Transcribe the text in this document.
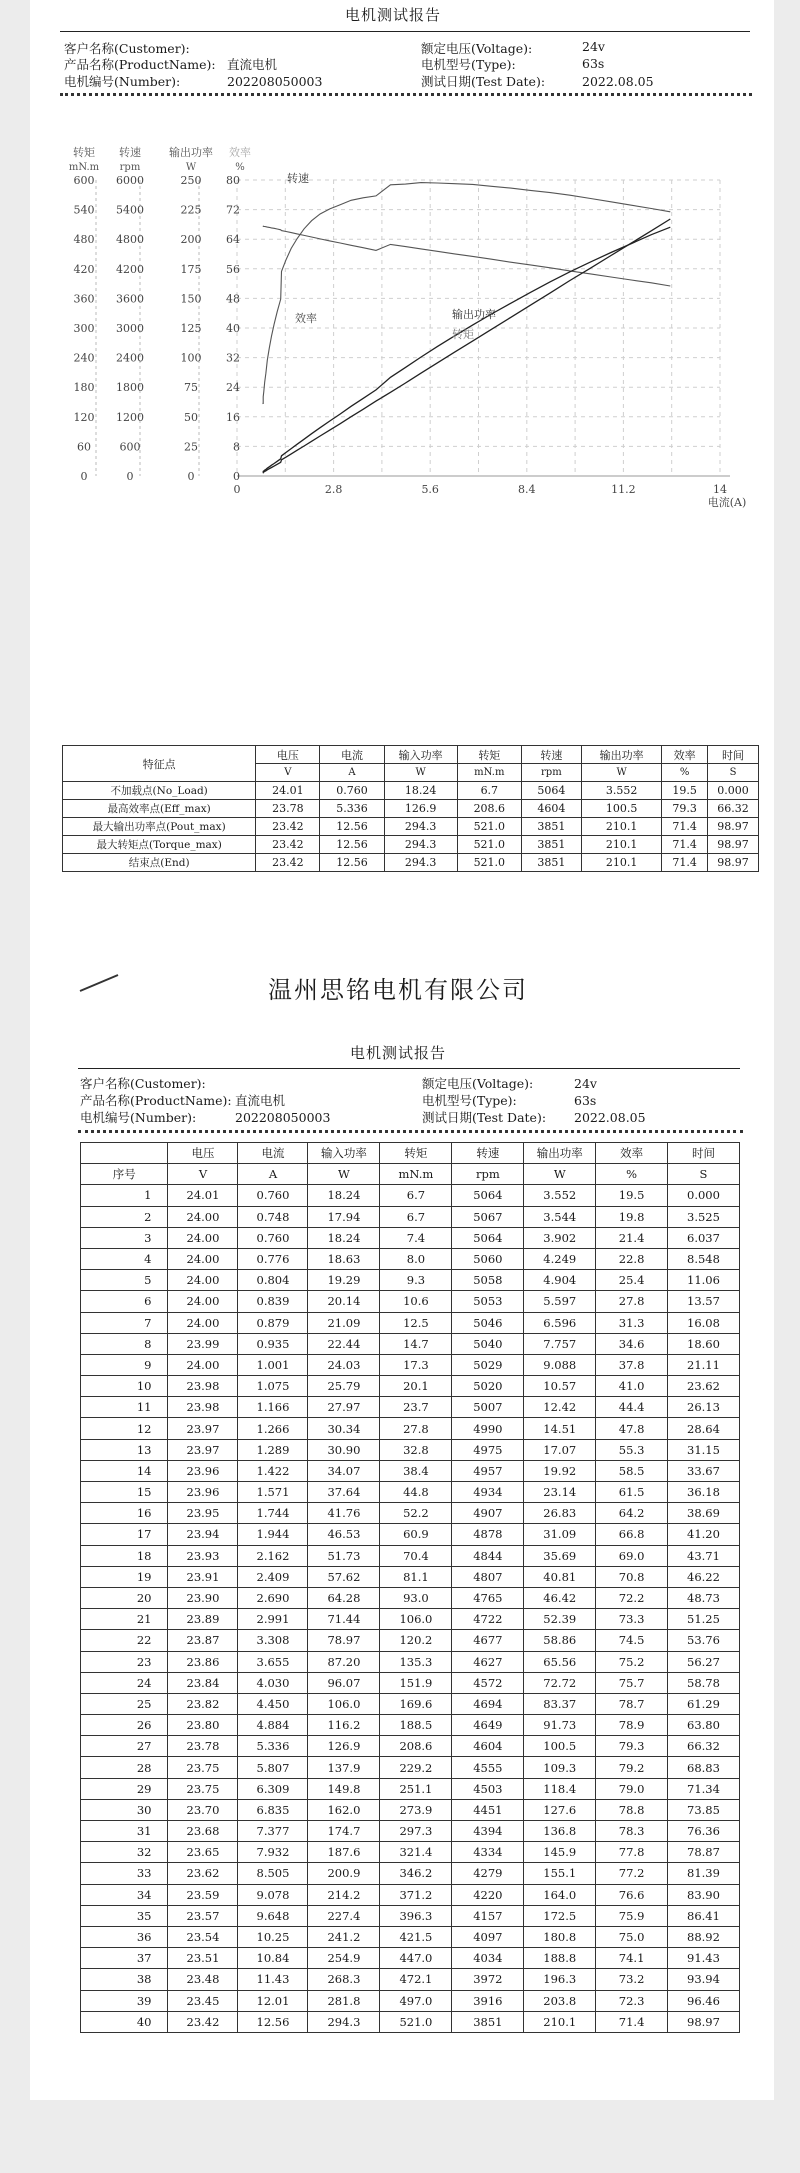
电机测试报告
客户名称(Customer):
产品名称(ProductName): 直流电机
电机编号(Number):	202208050003
额定电压(Voltage):	24v
电机型号(Type):	63s
测试日期(Test Date):	2022.08.05
转矩
mN.m
600
540
480
420
360
300
240
180
120
60
0
转速
rpm
6000
5400
4800
4200
3600
3000
2400
1800
1200
600
0
输出功率
W
250
225
200
175
150
125
100
75
50
25
0
效率
%
80
72
64
56
48
40
32
24
16
8
0
0	2.8	5.6	8.4	11.2	14
电流(A)
转速
效率	输出功率
转矩
特征点	电压	电流	输入功率	转矩	转速	输出功率	效率	时间
	V	A	W	mN.m	rpm	W	%	S
不加载点(No_Load)	24.01	0.760	18.24	6.7	5064	3.552	19.5	0.000
最高效率点(Eff_max)	23.78	5.336	126.9	208.6	4604	100.5	79.3	66.32
最大输出功率点(Pout_max)	23.42	12.56	294.3	521.0	3851	210.1	71.4	98.97
最大转矩点(Torque_max)	23.42	12.56	294.3	521.0	3851	210.1	71.4	98.97
结束点(End)	23.42	12.56	294.3	521.0	3851	210.1	71.4	98.97
温州思铭电机有限公司
电机测试报告
客户名称(Customer):
产品名称(ProductName): 直流电机
电机编号(Number):	202208050003
额定电压(Voltage):	24v
电机型号(Type):	63s
测试日期(Test Date): 2022.08.05
	电压	电流	输入功率	转矩	转速	输出功率	效率	时间
序号	V	A	W	mN.m	rpm	W	%	S
1	24.01	0.760	18.24	6.7	5064	3.552	19.5	0.000
2	24.00	0.748	17.94	6.7	5067	3.544	19.8	3.525
3	24.00	0.760	18.24	7.4	5064	3.902	21.4	6.037
4	24.00	0.776	18.63	8.0	5060	4.249	22.8	8.548
5	24.00	0.804	19.29	9.3	5058	4.904	25.4	11.06
6	24.00	0.839	20.14	10.6	5053	5.597	27.8	13.57
7	24.00	0.879	21.09	12.5	5046	6.596	31.3	16.08
8	23.99	0.935	22.44	14.7	5040	7.757	34.6	18.60
9	24.00	1.001	24.03	17.3	5029	9.088	37.8	21.11
10	23.98	1.075	25.79	20.1	5020	10.57	41.0	23.62
11	23.98	1.166	27.97	23.7	5007	12.42	44.4	26.13
12	23.97	1.266	30.34	27.8	4990	14.51	47.8	28.64
13	23.97	1.289	30.90	32.8	4975	17.07	55.3	31.15
14	23.96	1.422	34.07	38.4	4957	19.92	58.5	33.67
15	23.96	1.571	37.64	44.8	4934	23.14	61.5	36.18
16	23.95	1.744	41.76	52.2	4907	26.83	64.2	38.69
17	23.94	1.944	46.53	60.9	4878	31.09	66.8	41.20
18	23.93	2.162	51.73	70.4	4844	35.69	69.0	43.71
19	23.91	2.409	57.62	81.1	4807	40.81	70.8	46.22
20	23.90	2.690	64.28	93.0	4765	46.42	72.2	48.73
21	23.89	2.991	71.44	106.0	4722	52.39	73.3	51.25
22	23.87	3.308	78.97	120.2	4677	58.86	74.5	53.76
23	23.86	3.655	87.20	135.3	4627	65.56	75.2	56.27
24	23.84	4.030	96.07	151.9	4572	72.72	75.7	58.78
25	23.82	4.450	106.0	169.6	4694	83.37	78.7	61.29
26	23.80	4.884	116.2	188.5	4649	91.73	78.9	63.80
27	23.78	5.336	126.9	208.6	4604	100.5	79.3	66.32
28	23.75	5.807	137.9	229.2	4555	109.3	79.2	68.83
29	23.75	6.309	149.8	251.1	4503	118.4	79.0	71.34
30	23.70	6.835	162.0	273.9	4451	127.6	78.8	73.85
31	23.68	7.377	174.7	297.3	4394	136.8	78.3	76.36
32	23.65	7.932	187.6	321.4	4334	145.9	77.8	78.87
33	23.62	8.505	200.9	346.2	4279	155.1	77.2	81.39
34	23.59	9.078	214.2	371.2	4220	164.0	76.6	83.90
35	23.57	9.648	227.4	396.3	4157	172.5	75.9	86.41
36	23.54	10.25	241.2	421.5	4097	180.8	75.0	88.92
37	23.51	10.84	254.9	447.0	4034	188.8	74.1	91.43
38	23.48	11.43	268.3	472.1	3972	196.3	73.2	93.94
39	23.45	12.01	281.8	497.0	3916	203.8	72.3	96.46
40	23.42	12.56	294.3	521.0	3851	210.1	71.4	98.97
